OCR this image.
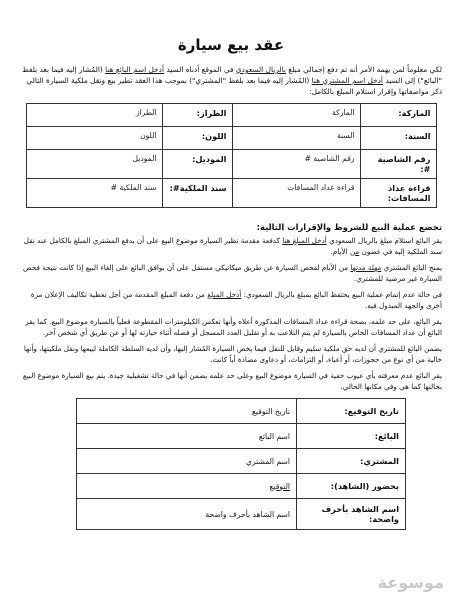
عقد بيع سيارة

لكي معلوماً لمن يهمه الأمر أنه تم دفع إجمالي مبلغ بالريال السعودي في الموقع أدناه السيد أدخل اسم البائع هنا (المُشار إليه فيما بعد بلفظ "البائع") إلى السيد أدخل اسم المشتري هنا (المُشار إليه فيما بعد بلفظ "المشتري") بموجب هذا العقد تطير بيع ونقل ملكية السيارة التالي ذكر مواصفاتها وإقرار استلام المبلغ بالكامل:

الماركة:	الماركة	الطراز:	الطراز
السنة:	السنة	اللون:	اللون
رقم الشاصية #:	رقم الشاصية #	الموديل:	الموديل
قراءة عداد المسافات:	قراءة عداد المسافات	سند الملكية#:	سند الملكية #
تخضع عملية البيع للشروط والإقرارات التالية:

يقر البائع استلام مبلغ بالريال السعودي أدخل المبلغ هنا كدفعة مقدمة نظير السيارة موضوع البيع على أن يدفع المشتري المبلغ بالكامل عند نقل سند الملكية إليه في غضون من الأيام.

يمنح البائع المشتري مهلة مدتها من الأيام لفحص السيارة عن طريق ميكانيكي مستقل على أن يوافق البائع على إلغاء البيع إذا كانت نتيجة فحص السيارة غير مرضية للمشتري.

في حالة عدم إتمام عملية البيع يحتفظ البائع بمبلغ بالريال السعودي: أدخل المبلغ من دفعة المبلغ المقدمة من أجل تغطية تكاليف الإعلان مرة أخرى والجهد المبذول فيه.

يقر البائع، على حد علمه، بصحة قراءة عداد المسافات المذكورة أعلاه وأنها تعكس الكيلومترات المقطوعة فعلياً بالسيارة موضوع البيع. كما يقر البائع أن عداد المسافات الخاص بالسيارة لم يتم التلاعب به أو تقليل العدد المسجل أو فصله أثناء حيازته لها أو عن طريق أي شخص آخر.

يضمن البائع للمشتري أن لديه حق ملكية سليم وقابل للنقل فيما يخص السيارة المُشار إليها، وأن لديه السلطة الكاملة لبيعها ونقل ملكيتها، وأنها خالية من أي نوع من حجوزات، أو أعباء، أو التزامات، أو دعاوى مضادة أياً كانت.

يقر البائع عدم معرفته بأي عيوب خفية في السيارة موضوع البيع وعلى حد علمه يضمن أنها في حالة تشغيلية جيدة. يتم بيع السيارة موضوع البيع بحالتها كما هي وفي مكانها الحالي.

تاريخ التوقيع:	تاريخ التوقيع
البائع:	اسم البائع
المشتري:	اسم المشتري
بحضور (الشاهد):	التوقيع
اسم الشاهد بأحرف واضحة:	اسم الشاهد بأحرف واضحة
موسوعة
